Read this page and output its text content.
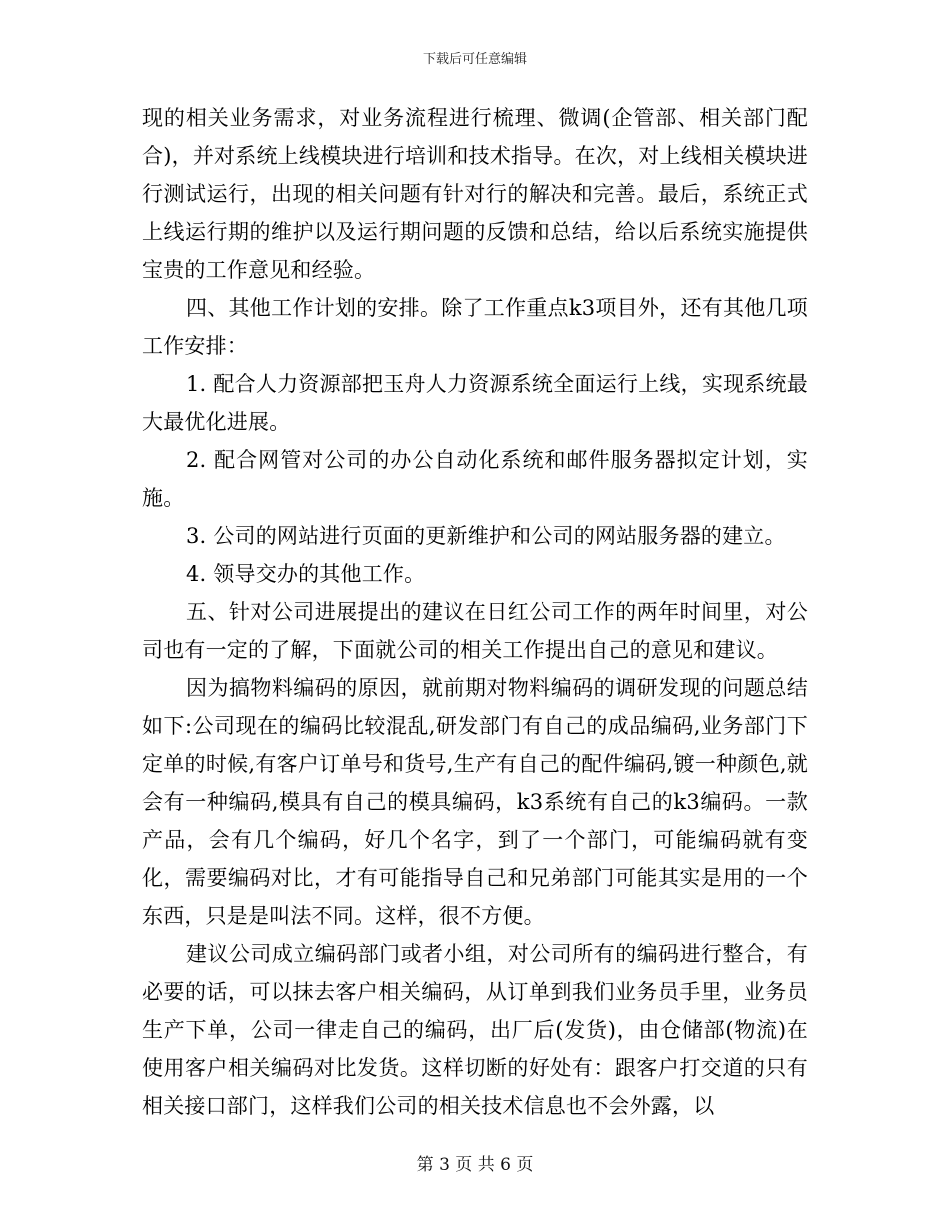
下载后可任意编辑

现的相关业务需求，对业务流程进行梳理、微调(企管部、相关部门配合)，并对系统上线模块进行培训和技术指导。在次，对上线相关模块进行测试运行，出现的相关问题有针对行的解决和完善。最后，系统正式上线运行期的维护以及运行期问题的反馈和总结，给以后系统实施提供宝贵的工作意见和经验。

四、其他工作计划的安排。除了工作重点k3项目外，还有其他几项工作安排：

1. 配合人力资源部把玉舟人力资源系统全面运行上线，实现系统最大最优化进展。

2. 配合网管对公司的办公自动化系统和邮件服务器拟定计划，实施。

3. 公司的网站进行页面的更新维护和公司的网站服务器的建立。

4. 领导交办的其他工作。

五、针对公司进展提出的建议在日红公司工作的两年时间里，对公司也有一定的了解，下面就公司的相关工作提出自己的意见和建议。

因为搞物料编码的原因，就前期对物料编码的调研发现的问题总结如下:公司现在的编码比较混乱,研发部门有自己的成品编码,业务部门下定单的时候,有客户订单号和货号,生产有自己的配件编码,镀一种颜色,就会有一种编码,模具有自己的模具编码，k3系统有自己的k3编码。一款产品，会有几个编码，好几个名字，到了一个部门，可能编码就有变化，需要编码对比，才有可能指导自己和兄弟部门可能其实是用的一个东西，只是是叫法不同。这样，很不方便。

建议公司成立编码部门或者小组，对公司所有的编码进行整合，有必要的话，可以抹去客户相关编码，从订单到我们业务员手里，业务员生产下单，公司一律走自己的编码，出厂后(发货)，由仓储部(物流)在使用客户相关编码对比发货。这样切断的好处有：跟客户打交道的只有相关接口部门，这样我们公司的相关技术信息也不会外露，以

第 3 页 共 6 页
